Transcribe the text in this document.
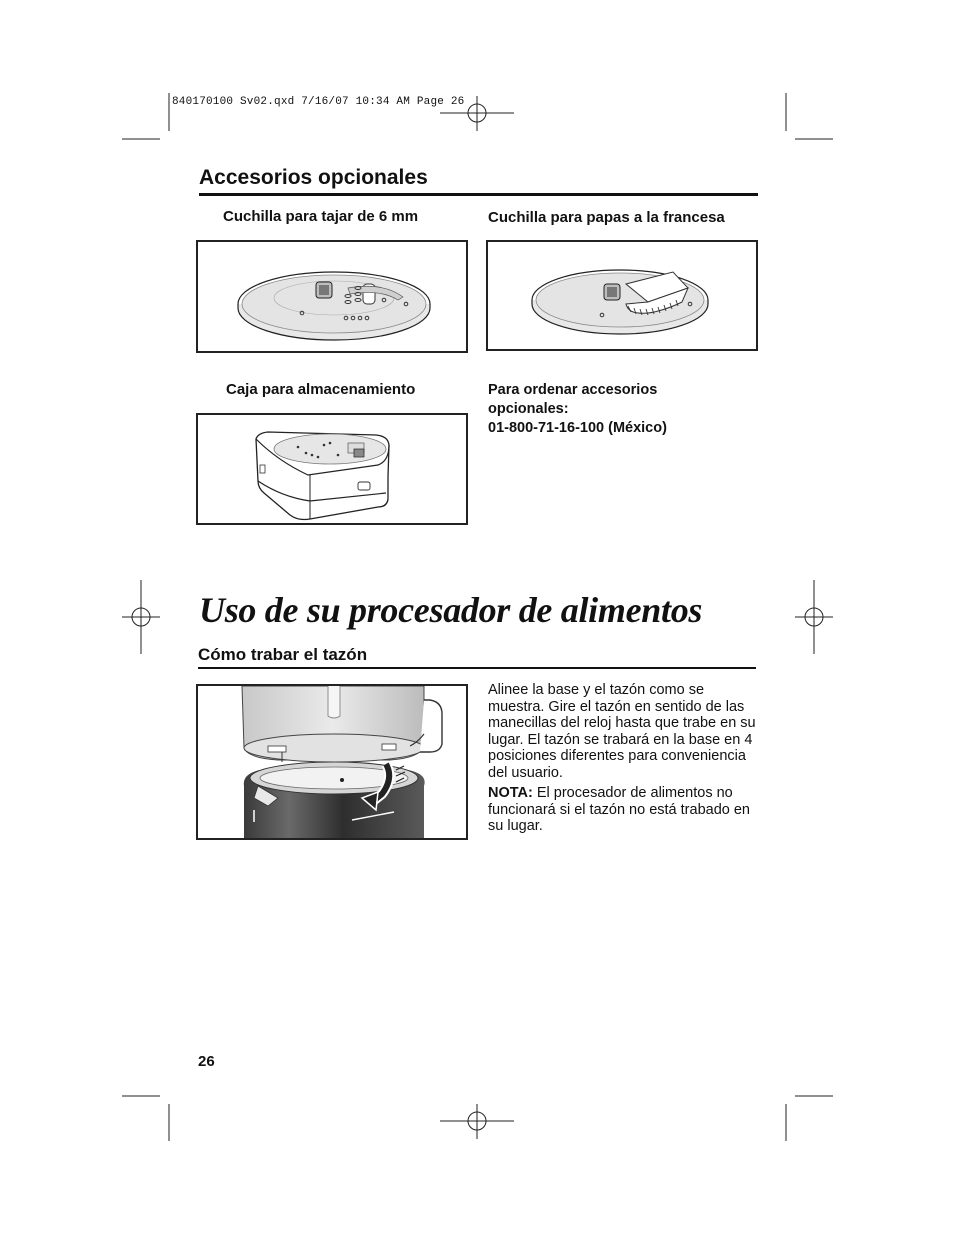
840170100 Sv02.qxd 7/16/07 10:34 AM Page 26
Accesorios opcionales
Cuchilla para tajar de 6 mm	Cuchilla para papas a la francesa
Caja para almacenamiento	Para ordenar accesorios
opcionales:
01-800-71-16-100 (México)
Uso de su procesador de alimentos
Cómo trabar el tazón

Alinee la base y el tazón como se muestra. Gire el tazón en sentido de las manecillas del reloj hasta que trabe en su lugar. El tazón se trabará en la base en 4 posiciones diferentes para conveniencia del usuario.

NOTA: El procesador de alimentos no funcionará si el tazón no está trabado en su lugar.

26
